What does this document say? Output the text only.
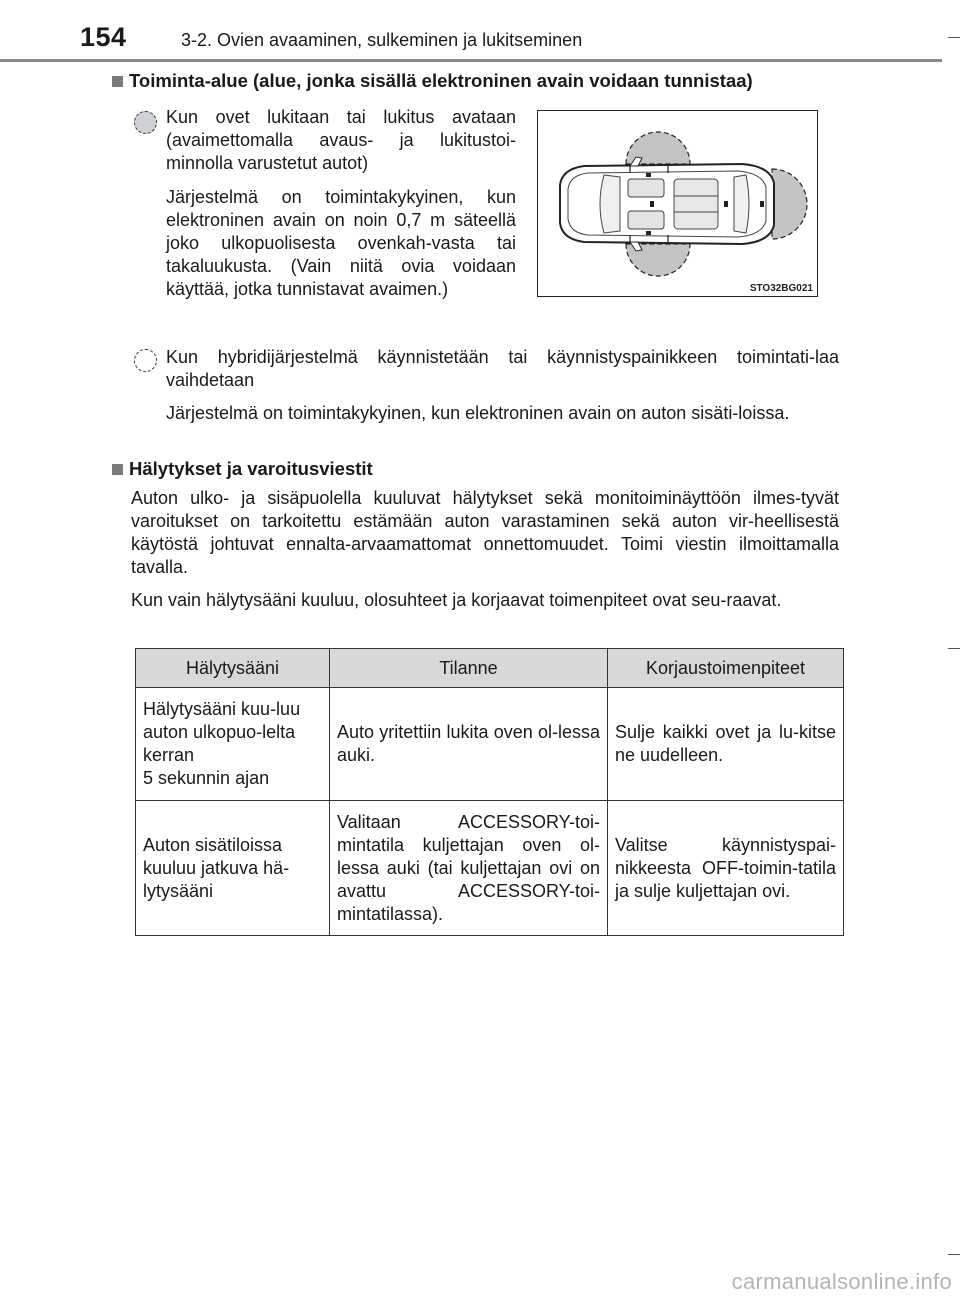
154	3-2. Ovien avaaminen, sulkeminen ja lukitseminen
Toiminta-alue (alue, jonka sisällä elektroninen avain voidaan tunnistaa)

Kun ovet lukitaan tai lukitus avataan (avaimettomalla avaus- ja lukitustoi-minnolla varustetut autot)

Järjestelmä on toimintakykyinen, kun elektroninen avain on noin 0,7 m säteellä joko ulkopuolisesta ovenkah-vasta tai takaluukusta. (Vain niitä ovia voidaan käyttää, jotka tunnistavat avaimen.)	STO32BG021

Kun hybridijärjestelmä käynnistetään tai käynnistyspainikkeen toimintati-laa vaihdetaan

Järjestelmä on toimintakykyinen, kun elektroninen avain on auton sisäti-loissa.

Hälytykset ja varoitusviestit

Auton ulko- ja sisäpuolella kuuluvat hälytykset sekä monitoiminäyttöön ilmes-tyvät varoitukset on tarkoitettu estämään auton varastaminen sekä auton vir-heellisestä käytöstä johtuvat ennalta-arvaamattomat onnettomuudet. Toimi viestin ilmoittamalla tavalla.

Kun vain hälytysääni kuuluu, olosuhteet ja korjaavat toimenpiteet ovat seu-raavat.

Hälytysääni	Tilanne	Korjaustoimenpiteet
Hälytysääni kuu-luu auton ulkopuo-lelta kerran
5 sekunnin ajan	Auto yritettiin lukita oven ol-lessa auki.	Sulje kaikki ovet ja lu-kitse ne uudelleen.
Auton sisätiloissa kuuluu jatkuva hä-lytysääni	Valitaan ACCESSORY-toi-mintatila kuljettajan oven ol-lessa auki (tai kuljettajan ovi on avattu ACCESSORY-toi-mintatilassa).	Valitse käynnistyspai-nikkeesta OFF-toimin-tatila ja sulje kuljettajan ovi.
carmanualsonline.info
